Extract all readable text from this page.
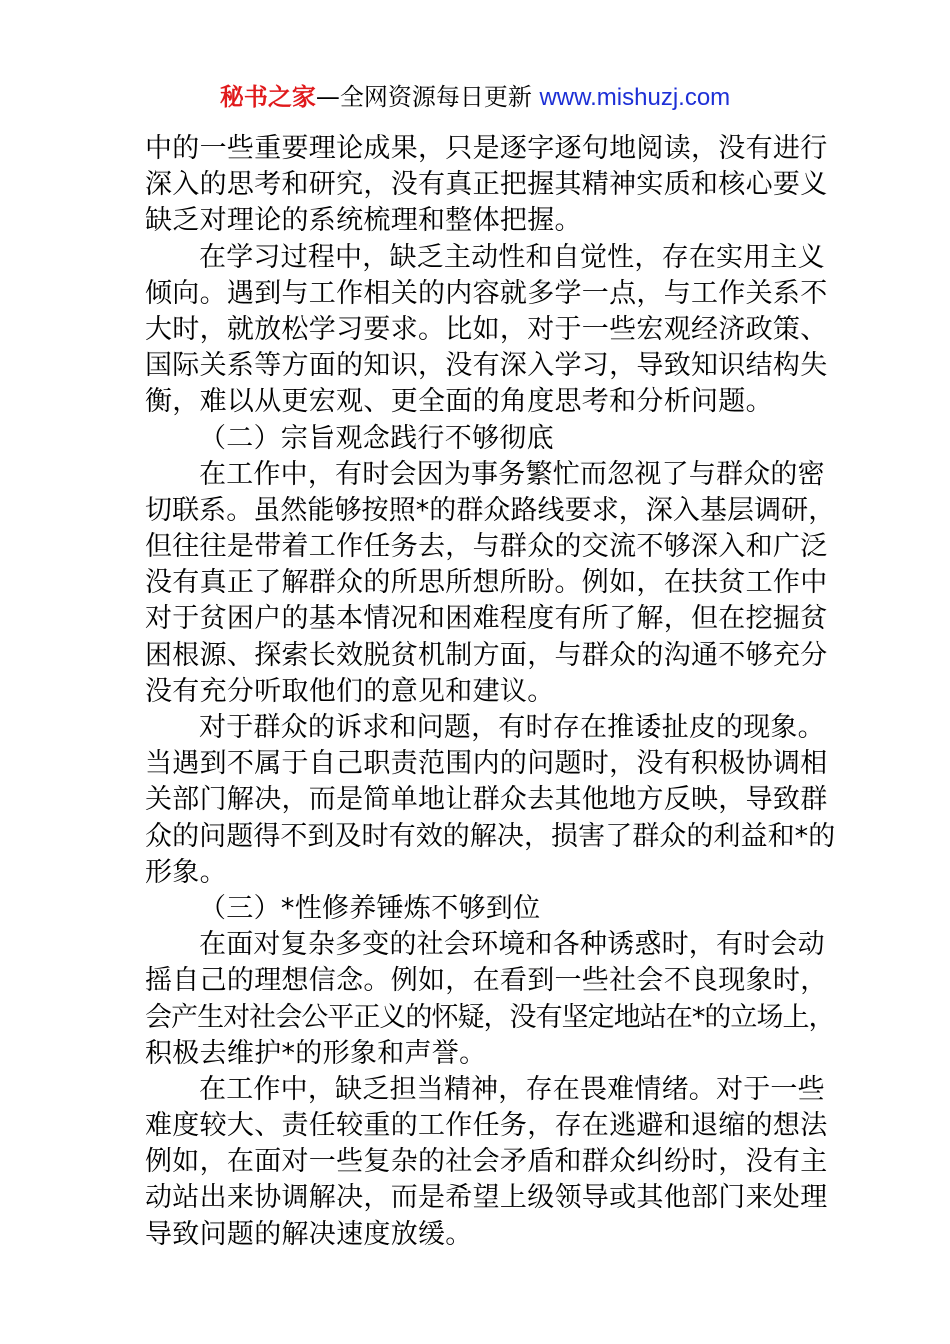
秘书之家—全网资源每日更新 www.mishuzj.com
中的一些重要理论成果，只是逐字逐句地阅读，没有进行
深入的思考和研究，没有真正把握其精神实质和核心要义
缺乏对理论的系统梳理和整体把握。
在学习过程中，缺乏主动性和自觉性，存在实用主义
倾向。遇到与工作相关的内容就多学一点，与工作关系不
大时，就放松学习要求。比如，对于一些宏观经济政策、
国际关系等方面的知识，没有深入学习，导致知识结构失
衡，难以从更宏观、更全面的角度思考和分析问题。
（二）宗旨观念践行不够彻底
在工作中，有时会因为事务繁忙而忽视了与群众的密
切联系。虽然能够按照*的群众路线要求，深入基层调研，
但往往是带着工作任务去，与群众的交流不够深入和广泛
没有真正了解群众的所思所想所盼。例如，在扶贫工作中
对于贫困户的基本情况和困难程度有所了解，但在挖掘贫
困根源、探索长效脱贫机制方面，与群众的沟通不够充分
没有充分听取他们的意见和建议。
对于群众的诉求和问题，有时存在推诿扯皮的现象。
当遇到不属于自己职责范围内的问题时，没有积极协调相
关部门解决，而是简单地让群众去其他地方反映，导致群
众的问题得不到及时有效的解决，损害了群众的利益和*的
形象。
（三）*性修养锤炼不够到位
在面对复杂多变的社会环境和各种诱惑时，有时会动
摇自己的理想信念。例如，在看到一些社会不良现象时，
会产生对社会公平正义的怀疑，没有坚定地站在*的立场上，
积极去维护*的形象和声誉。
在工作中，缺乏担当精神，存在畏难情绪。对于一些
难度较大、责任较重的工作任务，存在逃避和退缩的想法
例如，在面对一些复杂的社会矛盾和群众纠纷时，没有主
动站出来协调解决，而是希望上级领导或其他部门来处理
导致问题的解决速度放缓。
